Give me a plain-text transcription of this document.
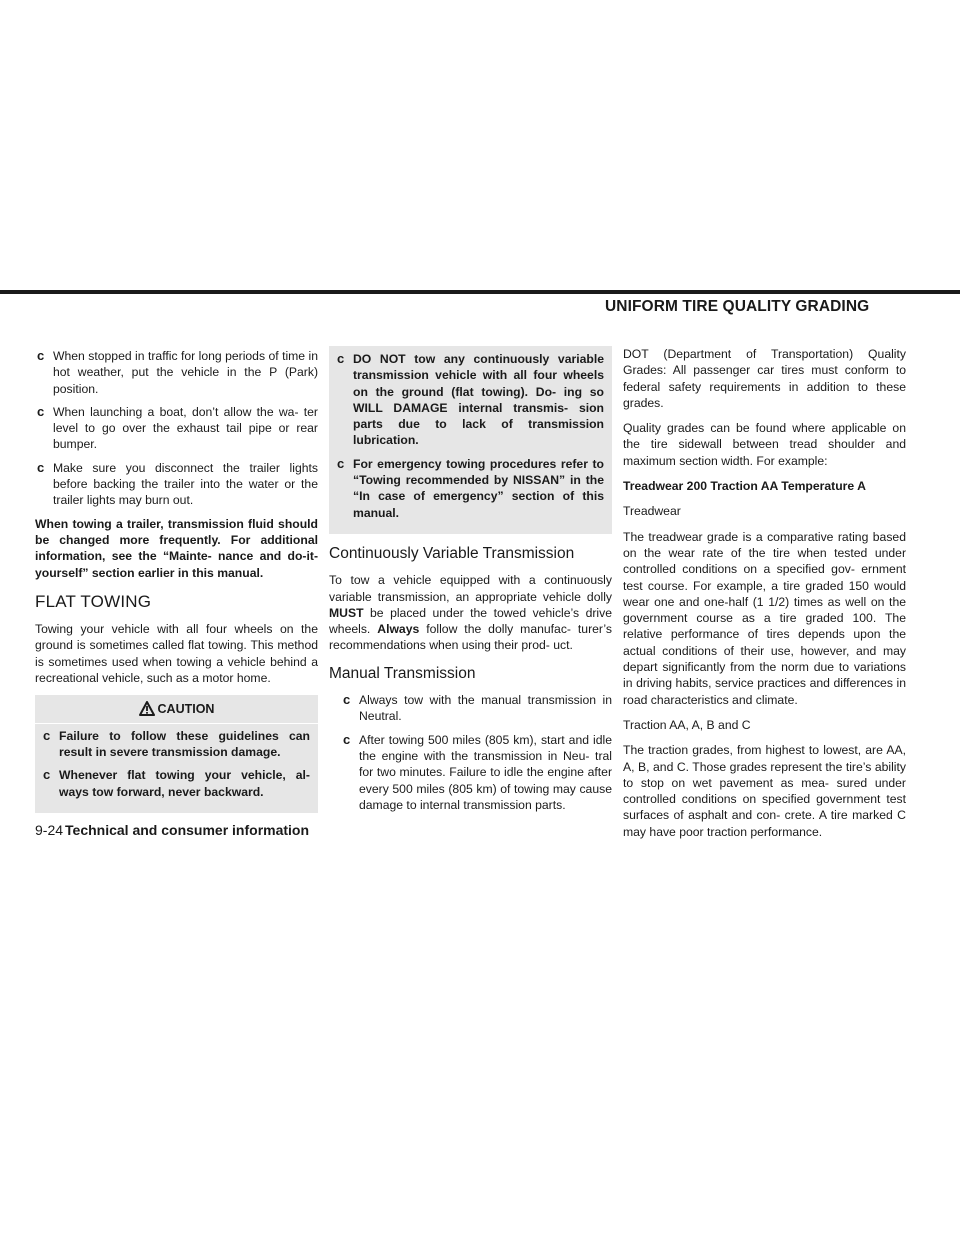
UNIFORM TIRE QUALITY GRADING
c When stopped in traffic for long periods of time in hot weather, put the vehicle in the P (Park) position.
c When launching a boat, don’t allow the wa- ter level to go over the exhaust tail pipe or rear bumper.
c Make sure you disconnect the trailer lights before backing the trailer into the water or the trailer lights may burn out.

When towing a trailer, transmission fluid should be changed more frequently. For additional information, see the “Mainte- nance and do-it-yourself” section earlier in this manual.

FLAT TOWING

Towing your vehicle with all four wheels on the ground is sometimes called flat towing. This method is sometimes used when towing a vehicle behind a recreational vehicle, such as a motor home.

CAUTION
c Failure to follow these guidelines can result in severe transmission damage.
c Whenever flat towing your vehicle, al- ways tow forward, never backward.
c DO NOT tow any continuously variable transmission vehicle with all four wheels on the ground (flat towing). Do- ing so WILL DAMAGE internal transmis- sion parts due to lack of transmission lubrication.
c For emergency towing procedures refer to “Towing recommended by NISSAN” in the “In case of emergency” section of this manual.
Continuously Variable Transmission

To tow a vehicle equipped with a continuously variable transmission, an appropriate vehicle dolly MUST be placed under the towed vehicle’s drive wheels. Always follow the dolly manufac- turer’s recommendations when using their prod- uct.

Manual Transmission
c Always tow with the manual transmission in Neutral.
c After towing 500 miles (805 km), start and idle the engine with the transmission in Neu- tral for two minutes. Failure to idle the engine after every 500 miles (805 km) of towing may cause damage to internal transmission parts.

DOT (Department of Transportation) Quality Grades: All passenger car tires must conform to federal safety requirements in addition to these grades.

Quality grades can be found where applicable on the tire sidewall between tread shoulder and maximum section width. For example:

Treadwear 200 Traction AA Temperature A

Treadwear

The treadwear grade is a comparative rating based on the wear rate of the tire when tested under controlled conditions on a specified gov- ernment test course. For example, a tire graded 150 would wear one and one-half (1 1/2) times as well on the government course as a tire graded 100. The relative performance of tires depends upon the actual conditions of their use, however, and may depart significantly from the norm due to variations in driving habits, service practices and differences in road characteristics and climate.

Traction AA, A, B and C

The traction grades, from highest to lowest, are AA, A, B, and C. Those grades represent the tire’s ability to stop on wet pavement as mea- sured under controlled conditions on specified government test surfaces of asphalt and con- crete. A tire marked C may have poor traction performance.

9-24 Technical and consumer information
